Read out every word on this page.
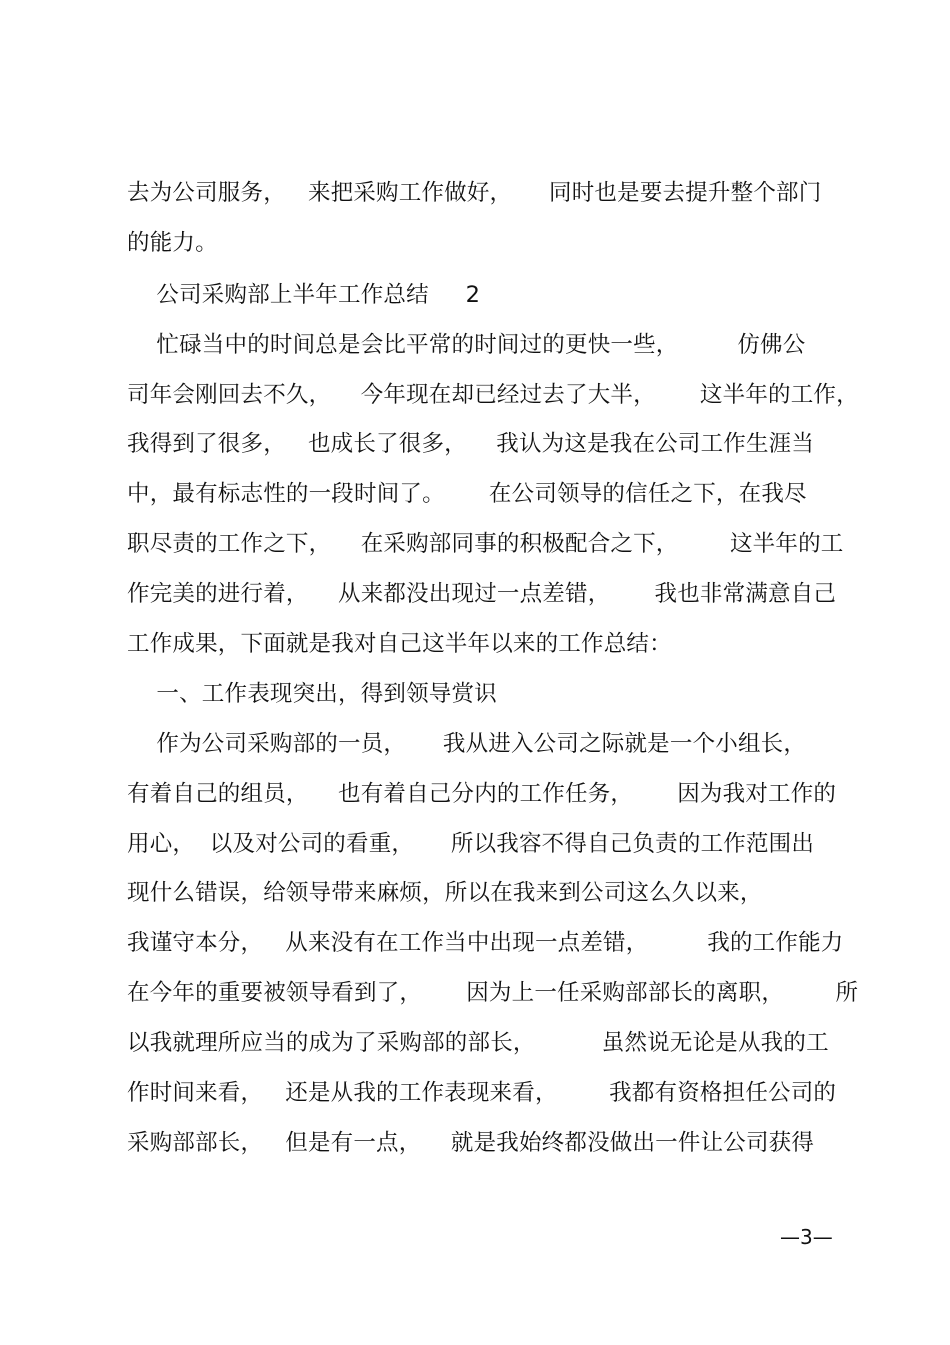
去为公司服务，   来把采购工作做好，     同时也是要去提升整个部门
的能力。
公司采购部上半年工作总结     2
忙碌当中的时间总是会比平常的时间过的更快一些，        仿佛公
司年会刚回去不久，    今年现在却已经过去了大半，      这半年的工作，
我得到了很多，   也成长了很多，    我认为这是我在公司工作生涯当
中，最有标志性的一段时间了。      在公司领导的信任之下，在我尽
职尽责的工作之下，    在采购部同事的积极配合之下，       这半年的工
作完美的进行着，    从来都没出现过一点差错，      我也非常满意自己
工作成果，下面就是我对自己这半年以来的工作总结：
一、工作表现突出，得到领导赏识
作为公司采购部的一员，     我从进入公司之际就是一个小组长，
有着自己的组员，    也有着自己分内的工作任务，      因为我对工作的
用心，  以及对公司的看重，     所以我容不得自己负责的工作范围出
现什么错误，给领导带来麻烦，所以在我来到公司这么久以来，
我谨守本分，   从来没有在工作当中出现一点差错，        我的工作能力
在今年的重要被领导看到了，      因为上一任采购部部长的离职，       所
以我就理所应当的成为了采购部的部长，         虽然说无论是从我的工
作时间来看，   还是从我的工作表现来看，       我都有资格担任公司的
采购部部长，   但是有一点，    就是我始终都没做出一件让公司获得
—3—
